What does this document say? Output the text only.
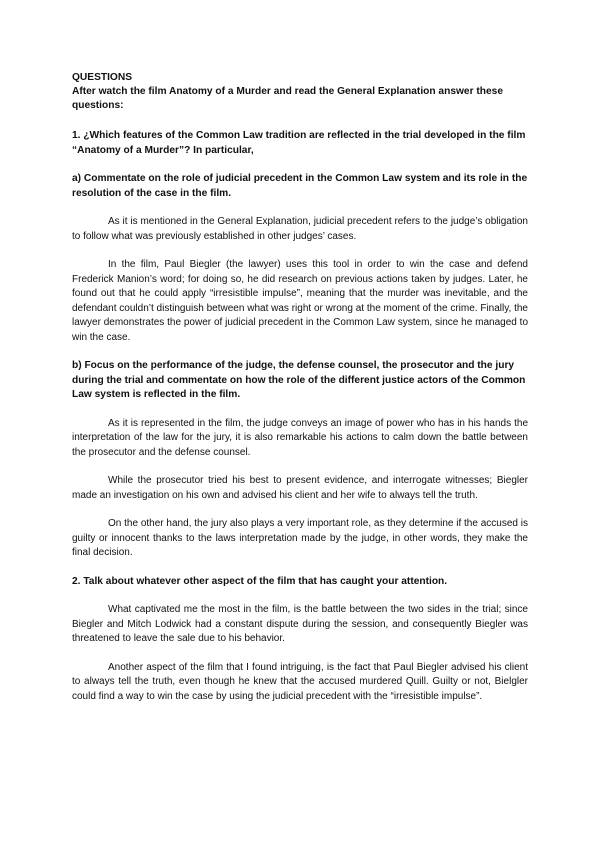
QUESTIONS

After watch the film Anatomy of a Murder and read the General Explanation answer these questions:

1. ¿Which features of the Common Law tradition are reflected in the trial developed in the film “Anatomy of a Murder”? In particular,

a) Commentate on the role of judicial precedent in the Common Law system and its role in the resolution of the case in the film.

As it is mentioned in the General Explanation, judicial precedent refers to the judge’s obligation to follow what was previously established in other judges’ cases.

In the film, Paul Biegler (the lawyer) uses this tool in order to win the case and defend Frederick Manion’s word; for doing so, he did research on previous actions taken by judges. Later, he found out that he could apply “irresistible impulse”, meaning that the murder was inevitable, and the defendant couldn’t distinguish between what was right or wrong at the moment of the crime. Finally, the lawyer demonstrates the power of judicial precedent in the Common Law system, since he managed to win the case.

b) Focus on the performance of the judge, the defense counsel, the prosecutor and the jury during the trial and commentate on how the role of the different justice actors of the Common Law system is reflected in the film.

As it is represented in the film, the judge conveys an image of power who has in his hands the interpretation of the law for the jury, it is also remarkable his actions to calm down the battle between the prosecutor and the defense counsel.

While the prosecutor tried his best to present evidence, and interrogate witnesses; Biegler made an investigation on his own and advised his client and her wife to always tell the truth.

On the other hand, the jury also plays a very important role, as they determine if the accused is guilty or innocent thanks to the laws interpretation made by the judge, in other words, they make the final decision.

2. Talk about whatever other aspect of the film that has caught your attention.

What captivated me the most in the film, is the battle between the two sides in the trial; since Biegler and Mitch Lodwick had a constant dispute during the session, and consequently Biegler was threatened to leave the sale due to his behavior.

Another aspect of the film that I found intriguing, is the fact that Paul Biegler advised his client to always tell the truth, even though he knew that the accused murdered Quill. Guilty or not, Bielgler could find a way to win the case by using the judicial precedent with the “irresistible impulse”.
